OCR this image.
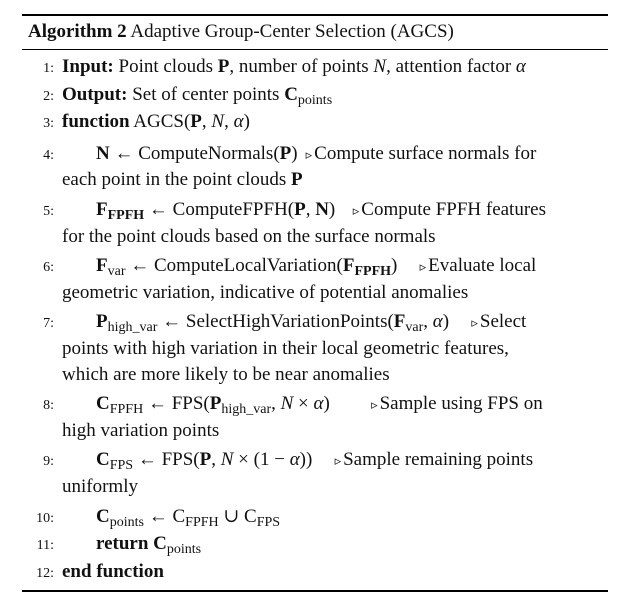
Algorithm 2 Adaptive Group-Center Selection (AGCS)
1: Input: Point clouds P, number of points N, attention factor α
2: Output: Set of center points $C_{points}$
3: function AGCS(P, N, α)
4:	N ← ComputeNormals(P) ▹ Compute surface normals for
each point in the point clouds P
5:	$F_{FPFH}$ ← ComputeFPFH(P, N) ▹ Compute FPFH features
for the point clouds based on the surface normals
6:	$F_{var}$ ← $ComputeLocalVariation(F_{FPFH})$ ▹ Evaluate local
geometric variation, indicative of potential anomalies
7:	$P_{high\_var}$ ← $SelectHighVariationPoints(F_{var}$, α) ▹ Select
points with high variation in their local geometric features,
which are more likely to be near anomalies
8:	$C_{FPFH}$ ← $FPS(P_{high\_var}$, N × α)	▹ Sample using FPS on
high variation points
9:	$C_{FPS}$ ← FPS(P, N × (1 − α)) ▹ Sample remaining points
uniformly
10:	$C_{points}$ ← $C_{FPFH}$ ∪ $C_{FPS}$
11:	return $C_{points}$
12: end function
